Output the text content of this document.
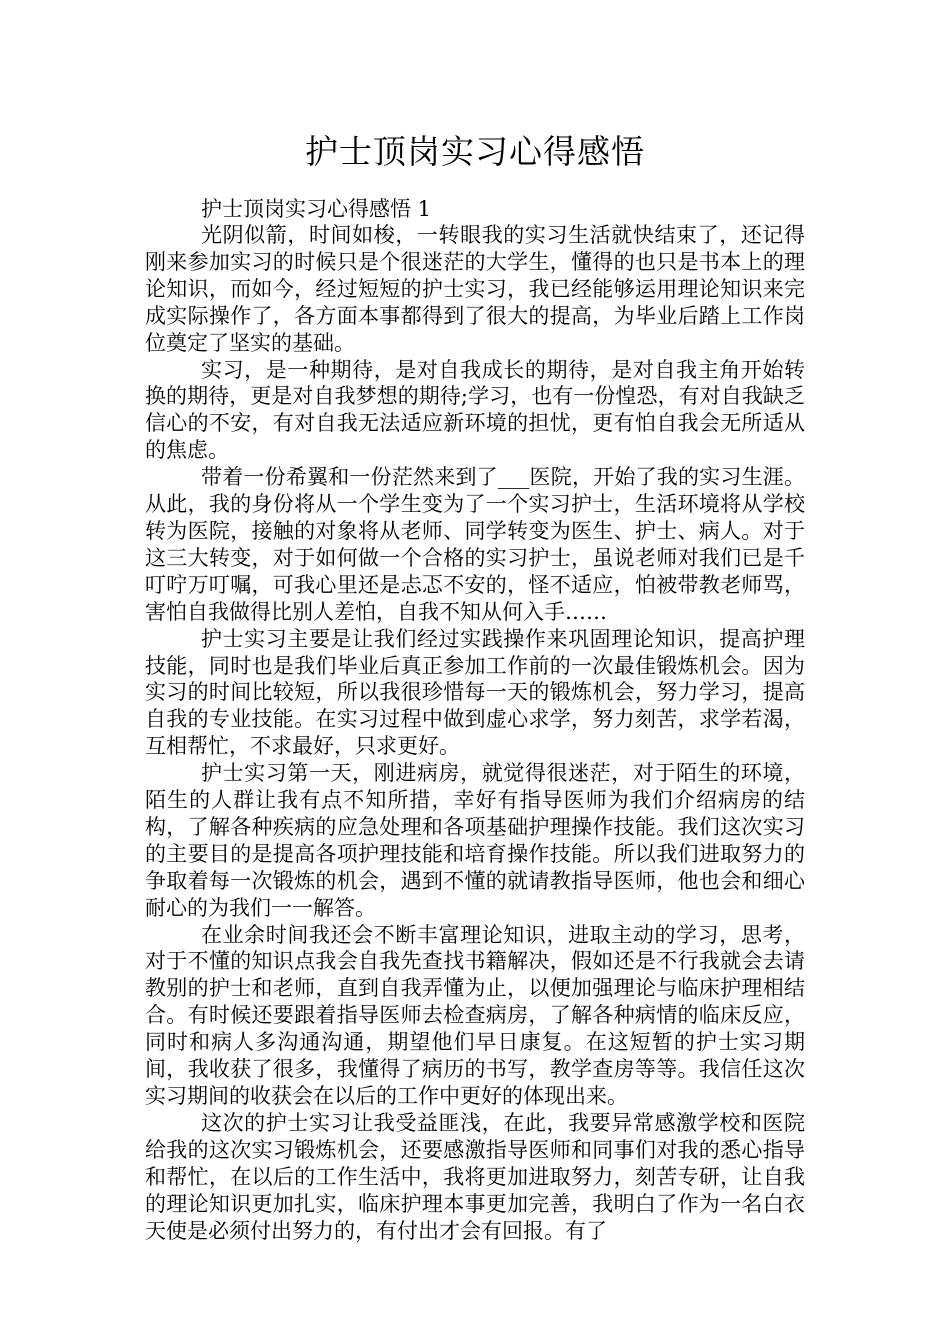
护士顶岗实习心得感悟

护士顶岗实习心得感悟 1

光阴似箭，时间如梭，一转眼我的实习生活就快结束了，还记得刚来参加实习的时候只是个很迷茫的大学生，懂得的也只是书本上的理论知识，而如今，经过短短的护士实习，我已经能够运用理论知识来完成实际操作了，各方面本事都得到了很大的提高，为毕业后踏上工作岗位奠定了坚实的基础。

实习，是一种期待，是对自我成长的期待，是对自我主角开始转换的期待，更是对自我梦想的期待;学习，也有一份惶恐，有对自我缺乏信心的不安，有对自我无法适应新环境的担忧，更有怕自我会无所适从的焦虑。

带着一份希翼和一份茫然来到了___医院，开始了我的实习生涯。从此，我的身份将从一个学生变为了一个实习护士，生活环境将从学校转为医院，接触的对象将从老师、同学转变为医生、护士、病人。对于这三大转变，对于如何做一个合格的实习护士，虽说老师对我们已是千叮咛万叮嘱，可我心里还是忐忑不安的，怪不适应，怕被带教老师骂，害怕自我做得比别人差怕，自我不知从何入手……

护士实习主要是让我们经过实践操作来巩固理论知识，提高护理技能，同时也是我们毕业后真正参加工作前的一次最佳锻炼机会。因为实习的时间比较短，所以我很珍惜每一天的锻炼机会，努力学习，提高自我的专业技能。在实习过程中做到虚心求学，努力刻苦，求学若渴，互相帮忙，不求最好，只求更好。

护士实习第一天，刚进病房，就觉得很迷茫，对于陌生的环境，陌生的人群让我有点不知所措，幸好有指导医师为我们介绍病房的结构，了解各种疾病的应急处理和各项基础护理操作技能。我们这次实习的主要目的是提高各项护理技能和培育操作技能。所以我们进取努力的争取着每一次锻炼的机会，遇到不懂的就请教指导医师，他也会和细心耐心的为我们一一解答。

在业余时间我还会不断丰富理论知识，进取主动的学习，思考，对于不懂的知识点我会自我先查找书籍解决，假如还是不行我就会去请教别的护士和老师，直到自我弄懂为止，以便加强理论与临床护理相结合。有时候还要跟着指导医师去检查病房，了解各种病情的临床反应，同时和病人多沟通沟通，期望他们早日康复。在这短暂的护士实习期间，我收获了很多，我懂得了病历的书写，教学查房等等。我信任这次实习期间的收获会在以后的工作中更好的体现出来。

这次的护士实习让我受益匪浅，在此，我要异常感激学校和医院给我的这次实习锻炼机会，还要感激指导医师和同事们对我的悉心指导和帮忙，在以后的工作生活中，我将更加进取努力，刻苦专研，让自我的理论知识更加扎实，临床护理本事更加完善，我明白了作为一名白衣天使是必须付出努力的，有付出才会有回报。有了
